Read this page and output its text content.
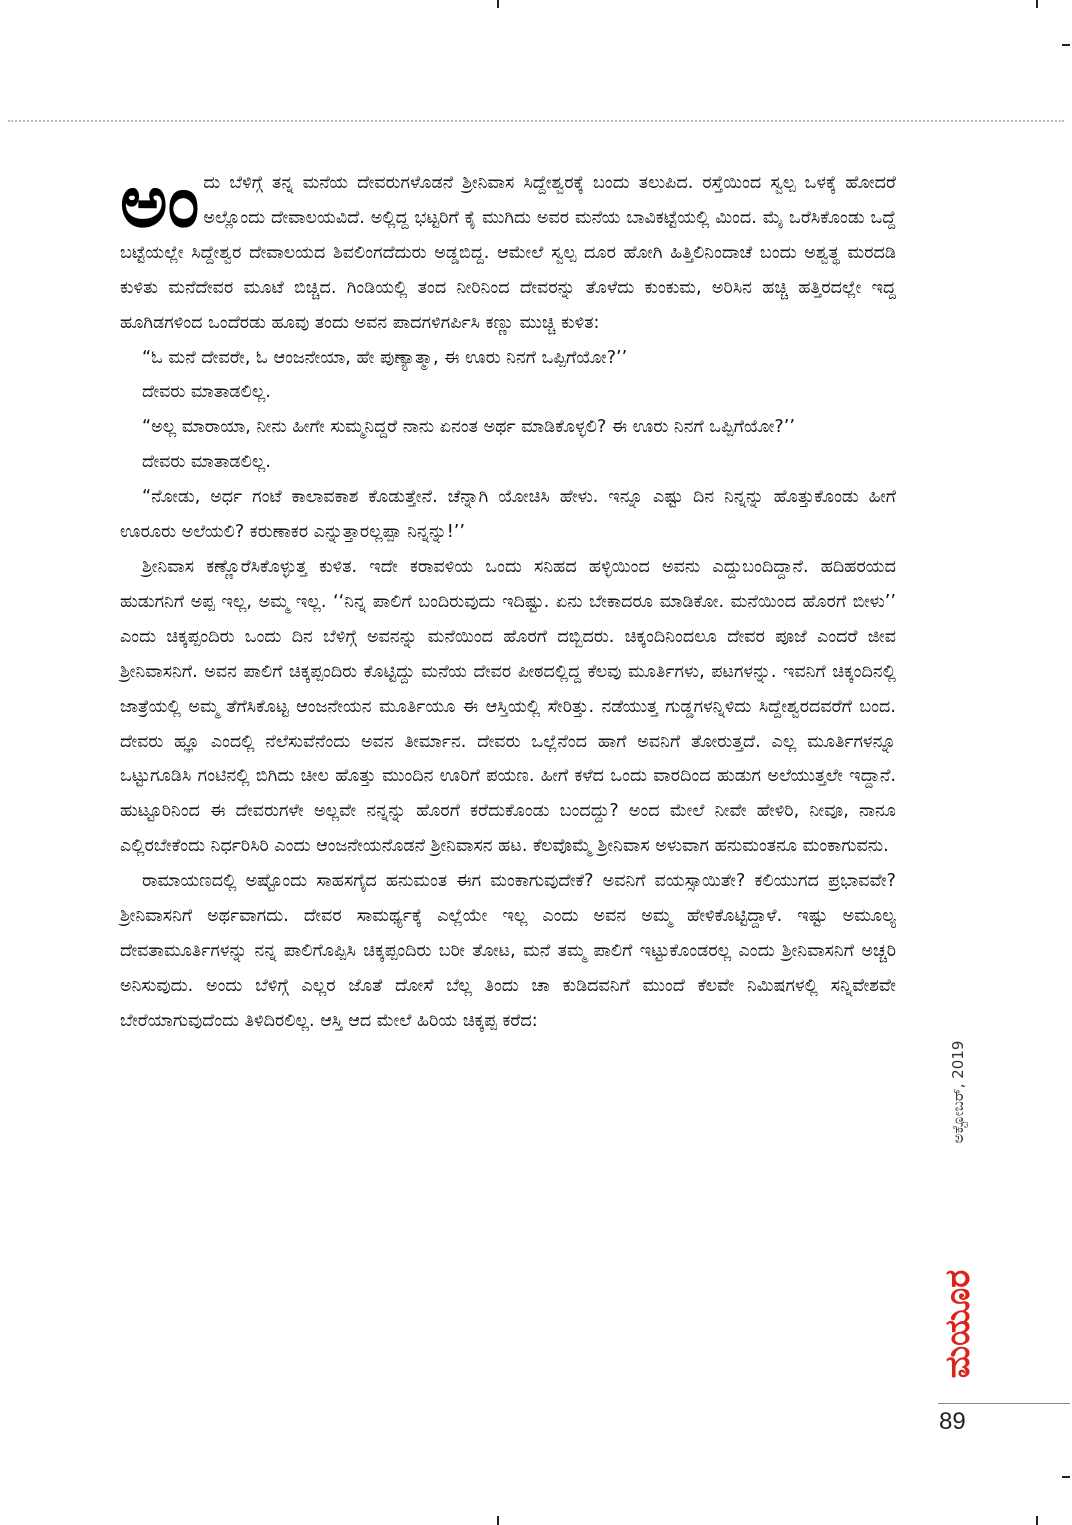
ಅಂದು ಬೆಳಿಗ್ಗೆ ತನ್ನ ಮನೆಯ ದೇವರುಗಳೊಡನೆ ಶ್ರೀನಿವಾಸ ಸಿದ್ದೇಶ್ವರಕ್ಕೆ ಬಂದು ತಲುಪಿದ. ರಸ್ತೆಯಿಂದ ಸ್ವಲ್ಪ ಒಳಕ್ಕೆ ಹೋದರೆ ಅಲ್ಲೊಂದು ದೇವಾಲಯವಿದೆ. ಅಲ್ಲಿದ್ದ ಭಟ್ಟರಿಗೆ ಕೈ ಮುಗಿದು ಅವರ ಮನೆಯ ಬಾವಿಕಟ್ಟೆಯಲ್ಲಿ ಮಿಂದ. ಮೈ ಒರೆಸಿಕೊಂಡು ಒದ್ದೆ ಬಟ್ಟೆಯಲ್ಲೇ ಸಿದ್ದೇಶ್ವರ ದೇವಾಲಯದ ಶಿವಲಿಂಗದೆದುರು ಅಡ್ಡಬಿದ್ದ. ಆಮೇಲೆ ಸ್ವಲ್ಪ ದೂರ ಹೋಗಿ ಹಿತ್ತಿಲಿನಿಂದಾಚೆ ಬಂದು ಅಶ್ವತ್ಥ ಮರದಡಿ ಕುಳಿತು ಮನೆದೇವರ ಮೂಟೆ ಬಿಚ್ಚಿದ. ಗಿಂಡಿಯಲ್ಲಿ ತಂದ ನೀರಿನಿಂದ ದೇವರನ್ನು ತೊಳೆದು ಕುಂಕುಮ, ಅರಿಸಿನ ಹಚ್ಚಿ ಹತ್ತಿರದಲ್ಲೇ ಇದ್ದ ಹೂಗಿಡಗಳಿಂದ ಒಂದೆರಡು ಹೂವು ತಂದು ಅವನ ಪಾದಗಳಿಗರ್ಪಿಸಿ ಕಣ್ಣು ಮುಚ್ಚಿ ಕುಳಿತ:

“ಓ ಮನೆ ದೇವರೇ, ಓ ಆಂಜನೇಯಾ, ಹೇ ಪುಣ್ಯಾತ್ಮಾ, ಈ ಊರು ನಿನಗೆ ಒಪ್ಪಿಗೆಯೋ?’’

ದೇವರು ಮಾತಾಡಲಿಲ್ಲ.

“ಅಲ್ಲ ಮಾರಾಯಾ, ನೀನು ಹೀಗೇ ಸುಮ್ಮನಿದ್ದರೆ ನಾನು ಏನಂತ ಅರ್ಥ ಮಾಡಿಕೊಳ್ಳಲಿ? ಈ ಊರು ನಿನಗೆ ಒಪ್ಪಿಗೆಯೋ?’’

ದೇವರು ಮಾತಾಡಲಿಲ್ಲ.

“ನೋಡು, ಅರ್ಧ ಗಂಟೆ ಕಾಲಾವಕಾಶ ಕೊಡುತ್ತೇನೆ. ಚೆನ್ನಾಗಿ ಯೋಚಿಸಿ ಹೇಳು. ಇನ್ನೂ ಎಷ್ಟು ದಿನ ನಿನ್ನನ್ನು ಹೊತ್ತುಕೊಂಡು ಹೀಗೆ ಊರೂರು ಅಲೆಯಲಿ? ಕರುಣಾಕರ ಎನ್ನುತ್ತಾರಲ್ಲಪ್ಪಾ ನಿನ್ನನ್ನು!’’

ಶ್ರೀನಿವಾಸ ಕಣ್ಣೊರೆಸಿಕೊಳ್ಳುತ್ತ ಕುಳಿತ. ಇದೇ ಕರಾವಳಿಯ ಒಂದು ಸನಿಹದ ಹಳ್ಳಿಯಿಂದ ಅವನು ಎದ್ದುಬಂದಿದ್ದಾನೆ. ಹದಿಹರಯದ ಹುಡುಗನಿಗೆ ಅಪ್ಪ ಇಲ್ಲ, ಅಮ್ಮ ಇಲ್ಲ. ‘‘ನಿನ್ನ ಪಾಲಿಗೆ ಬಂದಿರುವುದು ಇದಿಷ್ಟು. ಏನು ಬೇಕಾದರೂ ಮಾಡಿಕೋ. ಮನೆಯಿಂದ ಹೊರಗೆ ಬೀಳು’’ ಎಂದು ಚಿಕ್ಕಪ್ಪಂದಿರು ಒಂದು ದಿನ ಬೆಳಿಗ್ಗೆ ಅವನನ್ನು ಮನೆಯಿಂದ ಹೊರಗೆ ದಬ್ಬಿದರು. ಚಿಕ್ಕಂದಿನಿಂದಲೂ ದೇವರ ಪೂಜೆ ಎಂದರೆ ಜೀವ ಶ್ರೀನಿವಾಸನಿಗೆ. ಅವನ ಪಾಲಿಗೆ ಚಿಕ್ಕಪ್ಪಂದಿರು ಕೊಟ್ಟಿದ್ದು ಮನೆಯ ದೇವರ ಪೀಠದಲ್ಲಿದ್ದ ಕೆಲವು ಮೂರ್ತಿಗಳು, ಪಟಗಳನ್ನು. ಇವನಿಗೆ ಚಿಕ್ಕಂದಿನಲ್ಲಿ ಜಾತ್ರೆಯಲ್ಲಿ ಅಮ್ಮ ತೆಗೆಸಿಕೊಟ್ಟ ಆಂಜನೇಯನ ಮೂರ್ತಿಯೂ ಈ ಆಸ್ತಿಯಲ್ಲಿ ಸೇರಿತ್ತು. ನಡೆಯುತ್ತ ಗುಡ್ಡಗಳನ್ನಿಳಿದು ಸಿದ್ದೇಶ್ವರದವರೆಗೆ ಬಂದ. ದೇವರು ಹ್ಞೂ ಎಂದಲ್ಲಿ ನೆಲೆಸುವೆನೆಂದು ಅವನ ತೀರ್ಮಾನ. ದೇವರು ಒಲ್ಲೆನೆಂದ ಹಾಗೆ ಅವನಿಗೆ ತೋರುತ್ತದೆ. ಎಲ್ಲ ಮೂರ್ತಿಗಳನ್ನೂ ಒಟ್ಟುಗೂಡಿಸಿ ಗಂಟಿನಲ್ಲಿ ಬಿಗಿದು ಚೀಲ ಹೊತ್ತು ಮುಂದಿನ ಊರಿಗೆ ಪಯಣ. ಹೀಗೆ ಕಳೆದ ಒಂದು ವಾರದಿಂದ ಹುಡುಗ ಅಲೆಯುತ್ತಲೇ ಇದ್ದಾನೆ. ಹುಟ್ಟೂರಿನಿಂದ ಈ ದೇವರುಗಳೇ ಅಲ್ಲವೇ ನನ್ನನ್ನು ಹೊರಗೆ ಕರೆದುಕೊಂಡು ಬಂದದ್ದು? ಅಂದ ಮೇಲೆ ನೀವೇ ಹೇಳಿರಿ, ನೀವೂ, ನಾನೂ ಎಲ್ಲಿರಬೇಕೆಂದು ನಿರ್ಧರಿಸಿರಿ ಎಂದು ಆಂಜನೇಯನೊಡನೆ ಶ್ರೀನಿವಾಸನ ಹಟ. ಕೆಲವೊಮ್ಮೆ ಶ್ರೀನಿವಾಸ ಅಳುವಾಗ ಹನುಮಂತನೂ ಮಂಕಾಗುವನು.

ರಾಮಾಯಣದಲ್ಲಿ ಅಷ್ಟೊಂದು ಸಾಹಸಗೈದ ಹನುಮಂತ ಈಗ ಮಂಕಾಗುವುದೇಕೆ? ಅವನಿಗೆ ವಯಸ್ಸಾಯಿತೇ? ಕಲಿಯುಗದ ಪ್ರಭಾವವೇ? ಶ್ರೀನಿವಾಸನಿಗೆ ಅರ್ಥವಾಗದು. ದೇವರ ಸಾಮರ್ಥ್ಯಕ್ಕೆ ಎಲ್ಲೆಯೇ ಇಲ್ಲ ಎಂದು ಅವನ ಅಮ್ಮ ಹೇಳಿಕೊಟ್ಟಿದ್ದಾಳೆ. ಇಷ್ಟು ಅಮೂಲ್ಯ ದೇವತಾಮೂರ್ತಿಗಳನ್ನು ನನ್ನ ಪಾಲಿಗೊಪ್ಪಿಸಿ ಚಿಕ್ಕಪ್ಪಂದಿರು ಬರೀ ತೋಟ, ಮನೆ ತಮ್ಮ ಪಾಲಿಗೆ ಇಟ್ಟುಕೊಂಡರಲ್ಲ ಎಂದು ಶ್ರೀನಿವಾಸನಿಗೆ ಅಚ್ಚರಿ ಅನಿಸುವುದು. ಅಂದು ಬೆಳಿಗ್ಗೆ ಎಲ್ಲರ ಜೊತೆ ದೋಸೆ ಬೆಲ್ಲ ತಿಂದು ಚಾ ಕುಡಿದವನಿಗೆ ಮುಂದೆ ಕೆಲವೇ ನಿಮಿಷಗಳಲ್ಲಿ ಸನ್ನಿವೇಶವೇ ಬೇರೆಯಾಗುವುದೆಂದು ತಿಳಿದಿರಲಿಲ್ಲ. ಆಸ್ತಿ ಆದ ಮೇಲೆ ಹಿರಿಯ ಚಿಕ್ಕಪ್ಪ ಕರೆದ:

ಅಕ್ಟೋಬರ್, 2019
ಮಯೂರ
89
